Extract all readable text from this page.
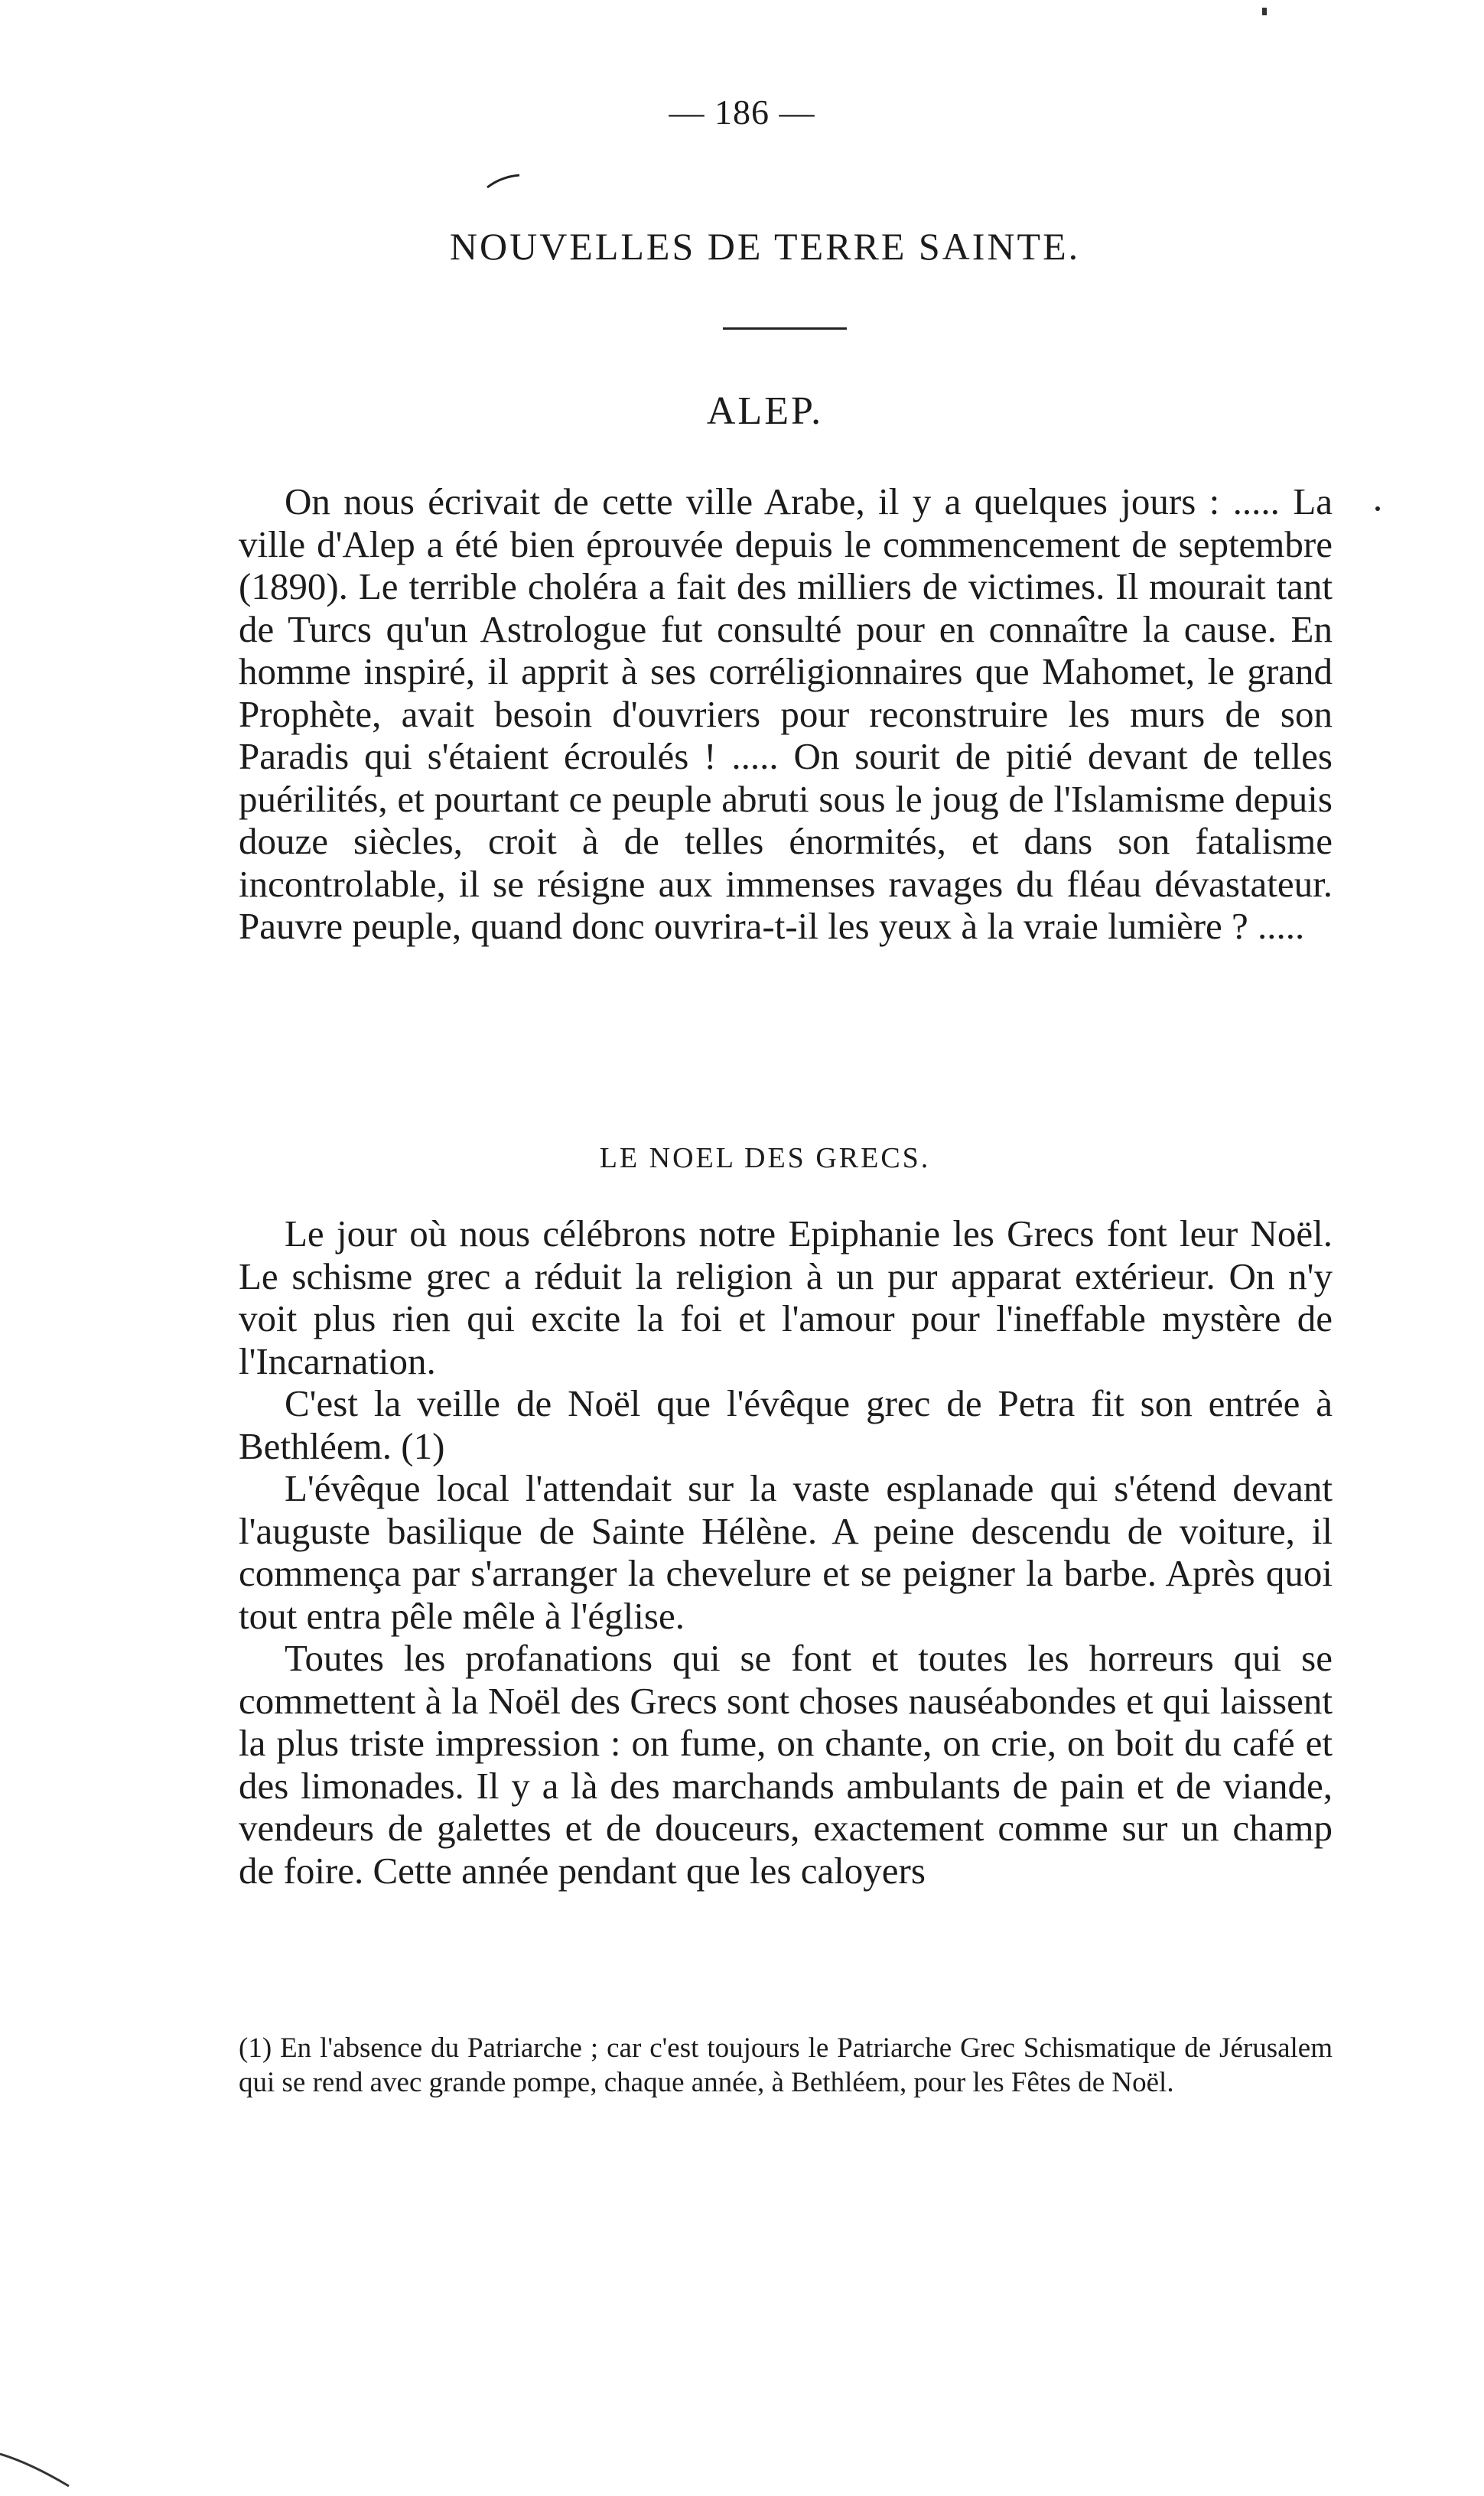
— 186 —
NOUVELLES DE TERRE SAINTE.
ALEP.

On nous écrivait de cette ville Arabe, il y a quelques jours : ..... La ville d'Alep a été bien éprouvée depuis le commencement de septembre (1890). Le terrible choléra a fait des milliers de victimes. Il mourait tant de Turcs qu'un Astrologue fut consulté pour en connaître la cause. En homme inspiré, il apprit à ses corréligionnaires que Mahomet, le grand Prophète, avait besoin d'ouvriers pour reconstruire les murs de son Paradis qui s'étaient écroulés ! ..... On sourit de pitié devant de telles puérilités, et pourtant ce peuple abruti sous le joug de l'Islamisme depuis douze siècles, croit à de telles énormités, et dans son fatalisme incontrolable, il se résigne aux immenses ravages du fléau dévastateur. Pauvre peuple, quand donc ouvrira-t-il les yeux à la vraie lumière ? .....

LE NOEL DES GRECS.

Le jour où nous célébrons notre Epiphanie les Grecs font leur Noël. Le schisme grec a réduit la religion à un pur apparat extérieur. On n'y voit plus rien qui excite la foi et l'amour pour l'ineffable mystère de l'Incarnation.

C'est la veille de Noël que l'évêque grec de Petra fit son entrée à Bethléem. (1)

L'évêque local l'attendait sur la vaste esplanade qui s'étend devant l'auguste basilique de Sainte Hélène. A peine descendu de voiture, il commença par s'arranger la chevelure et se peigner la barbe. Après quoi tout entra pêle mêle à l'église.

Toutes les profanations qui se font et toutes les horreurs qui se commettent à la Noël des Grecs sont choses nauséabondes et qui laissent la plus triste impression : on fume, on chante, on crie, on boit du café et des limonades. Il y a là des marchands ambulants de pain et de viande, vendeurs de galettes et de douceurs, exactement comme sur un champ de foire. Cette année pendant que les caloyers

(1) En l'absence du Patriarche ; car c'est toujours le Patriarche Grec Schismatique de Jérusalem qui se rend avec grande pompe, chaque année, à Bethléem, pour les Fêtes de Noël.
